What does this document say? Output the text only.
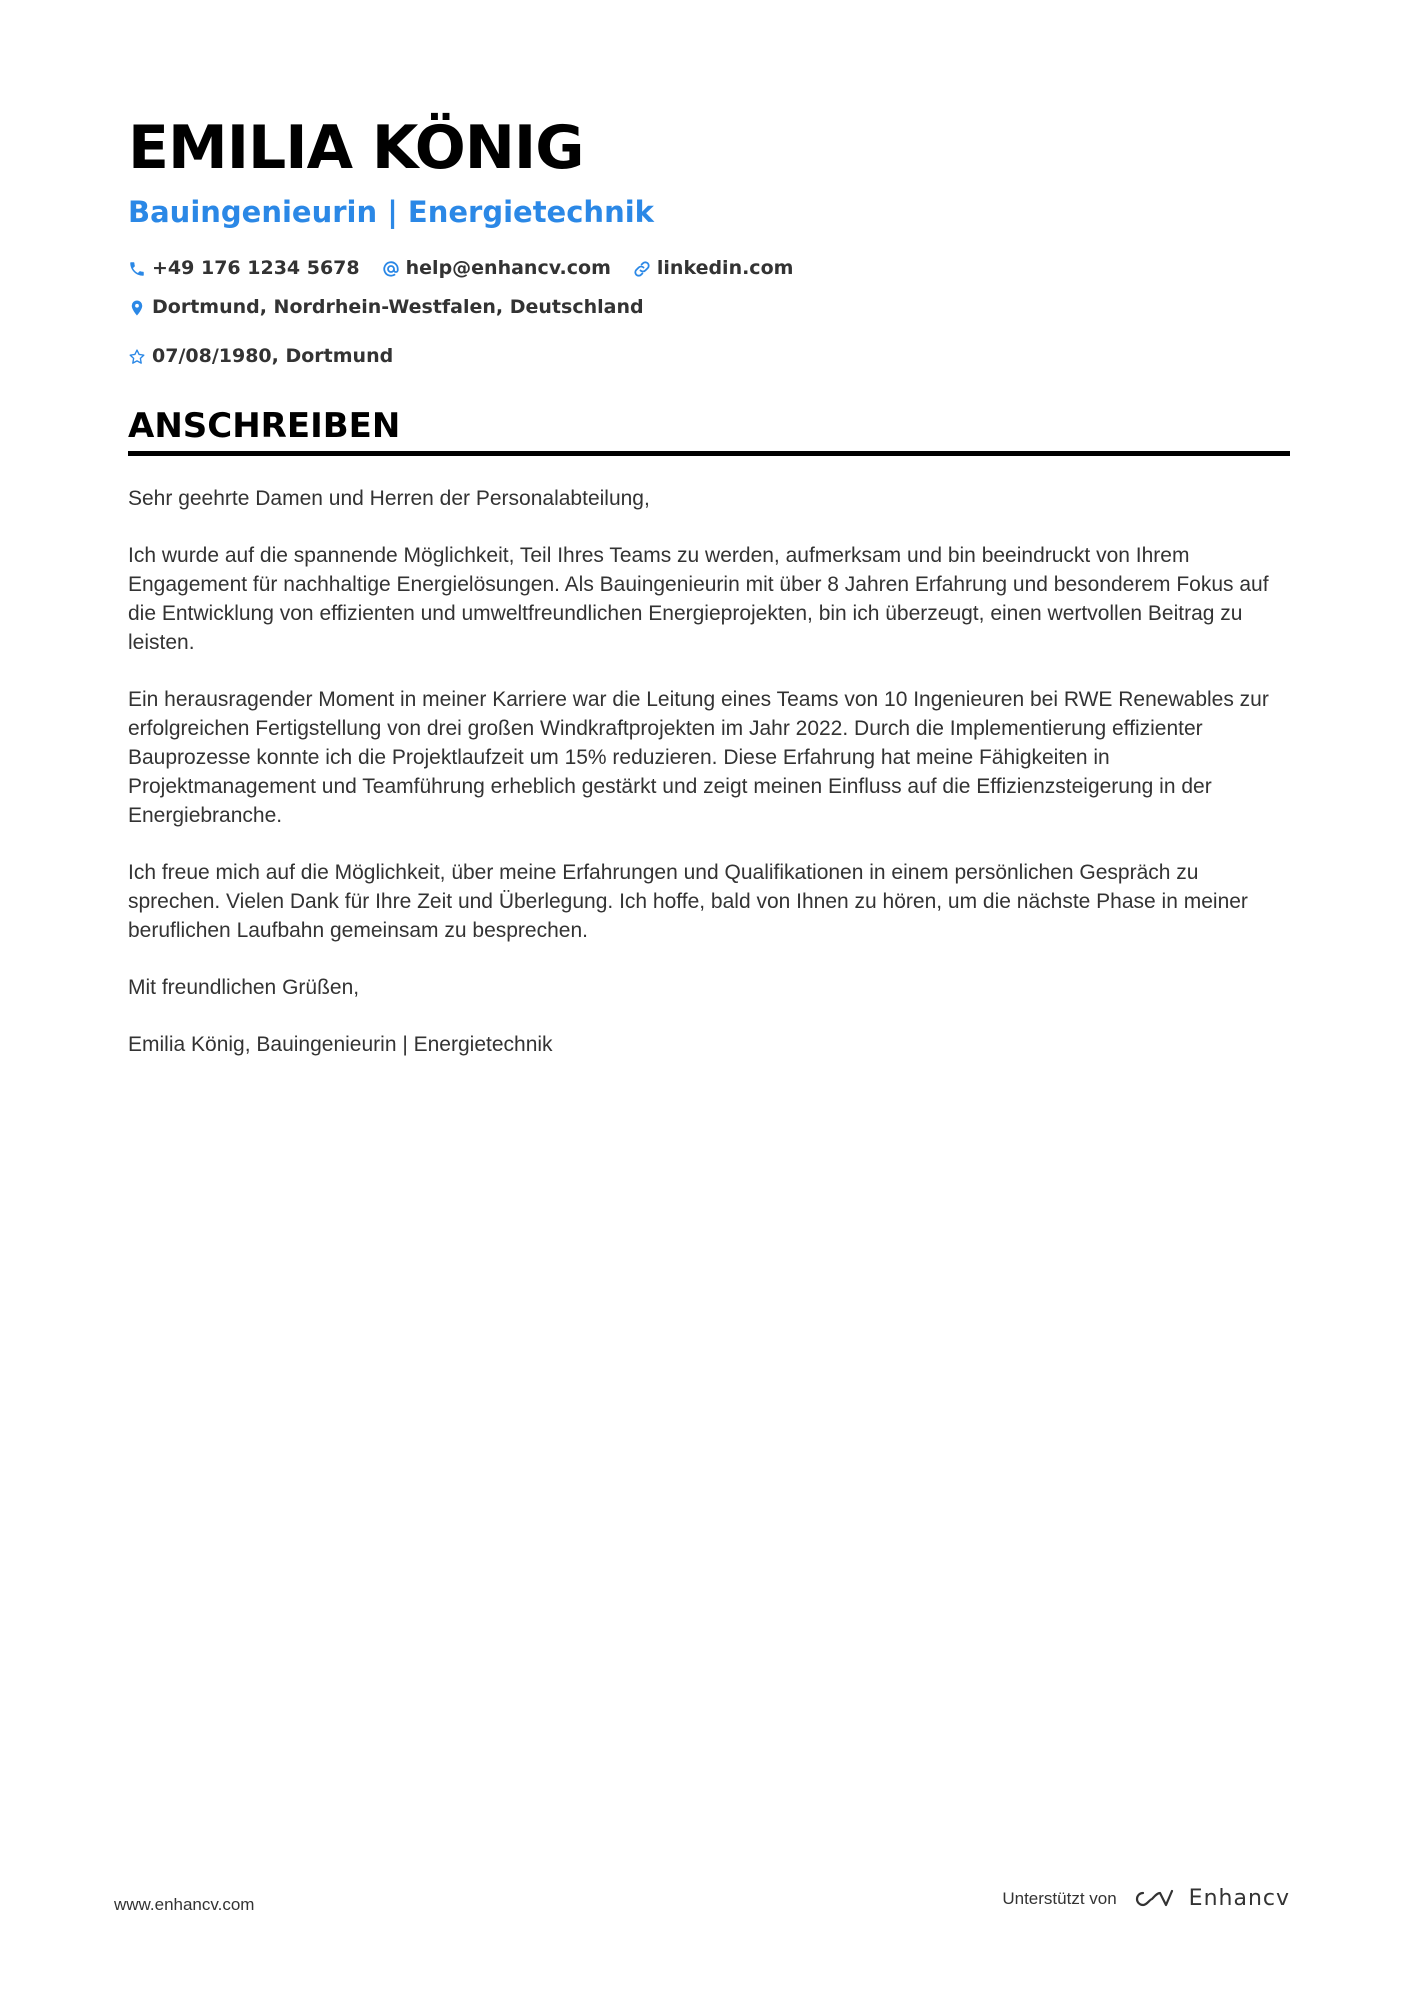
EMILIA KÖNIG
Bauingenieurin | Energietechnik
+49 176 1234 5678 help@enhancv.com linkedin.com
Dortmund, Nordrhein-Westfalen, Deutschland
07/08/1980, Dortmund
ANSCHREIBEN

Sehr geehrte Damen und Herren der Personalabteilung,

Ich wurde auf die spannende Möglichkeit, Teil Ihres Teams zu werden, aufmerksam und bin beeindruckt von Ihrem Engagement für nachhaltige Energielösungen. Als Bauingenieurin mit über 8 Jahren Erfahrung und besonderem Fokus auf die Entwicklung von effizienten und umweltfreundlichen Energieprojekten, bin ich überzeugt, einen wertvollen Beitrag zu leisten.

Ein herausragender Moment in meiner Karriere war die Leitung eines Teams von 10 Ingenieuren bei RWE Renewables zur erfolgreichen Fertigstellung von drei großen Windkraftprojekten im Jahr 2022. Durch die Implementierung effizienter Bauprozesse konnte ich die Projektlaufzeit um 15% reduzieren. Diese Erfahrung hat meine Fähigkeiten in Projektmanagement und Teamführung erheblich gestärkt und zeigt meinen Einfluss auf die Effizienzsteigerung in der Energiebranche.

Ich freue mich auf die Möglichkeit, über meine Erfahrungen und Qualifikationen in einem persönlichen Gespräch zu sprechen. Vielen Dank für Ihre Zeit und Überlegung. Ich hoffe, bald von Ihnen zu hören, um die nächste Phase in meiner beruflichen Laufbahn gemeinsam zu besprechen.

Mit freundlichen Grüßen,

Emilia König, Bauingenieurin | Energietechnik

www.enhancv.com	Unterstützt von	Enhancv
